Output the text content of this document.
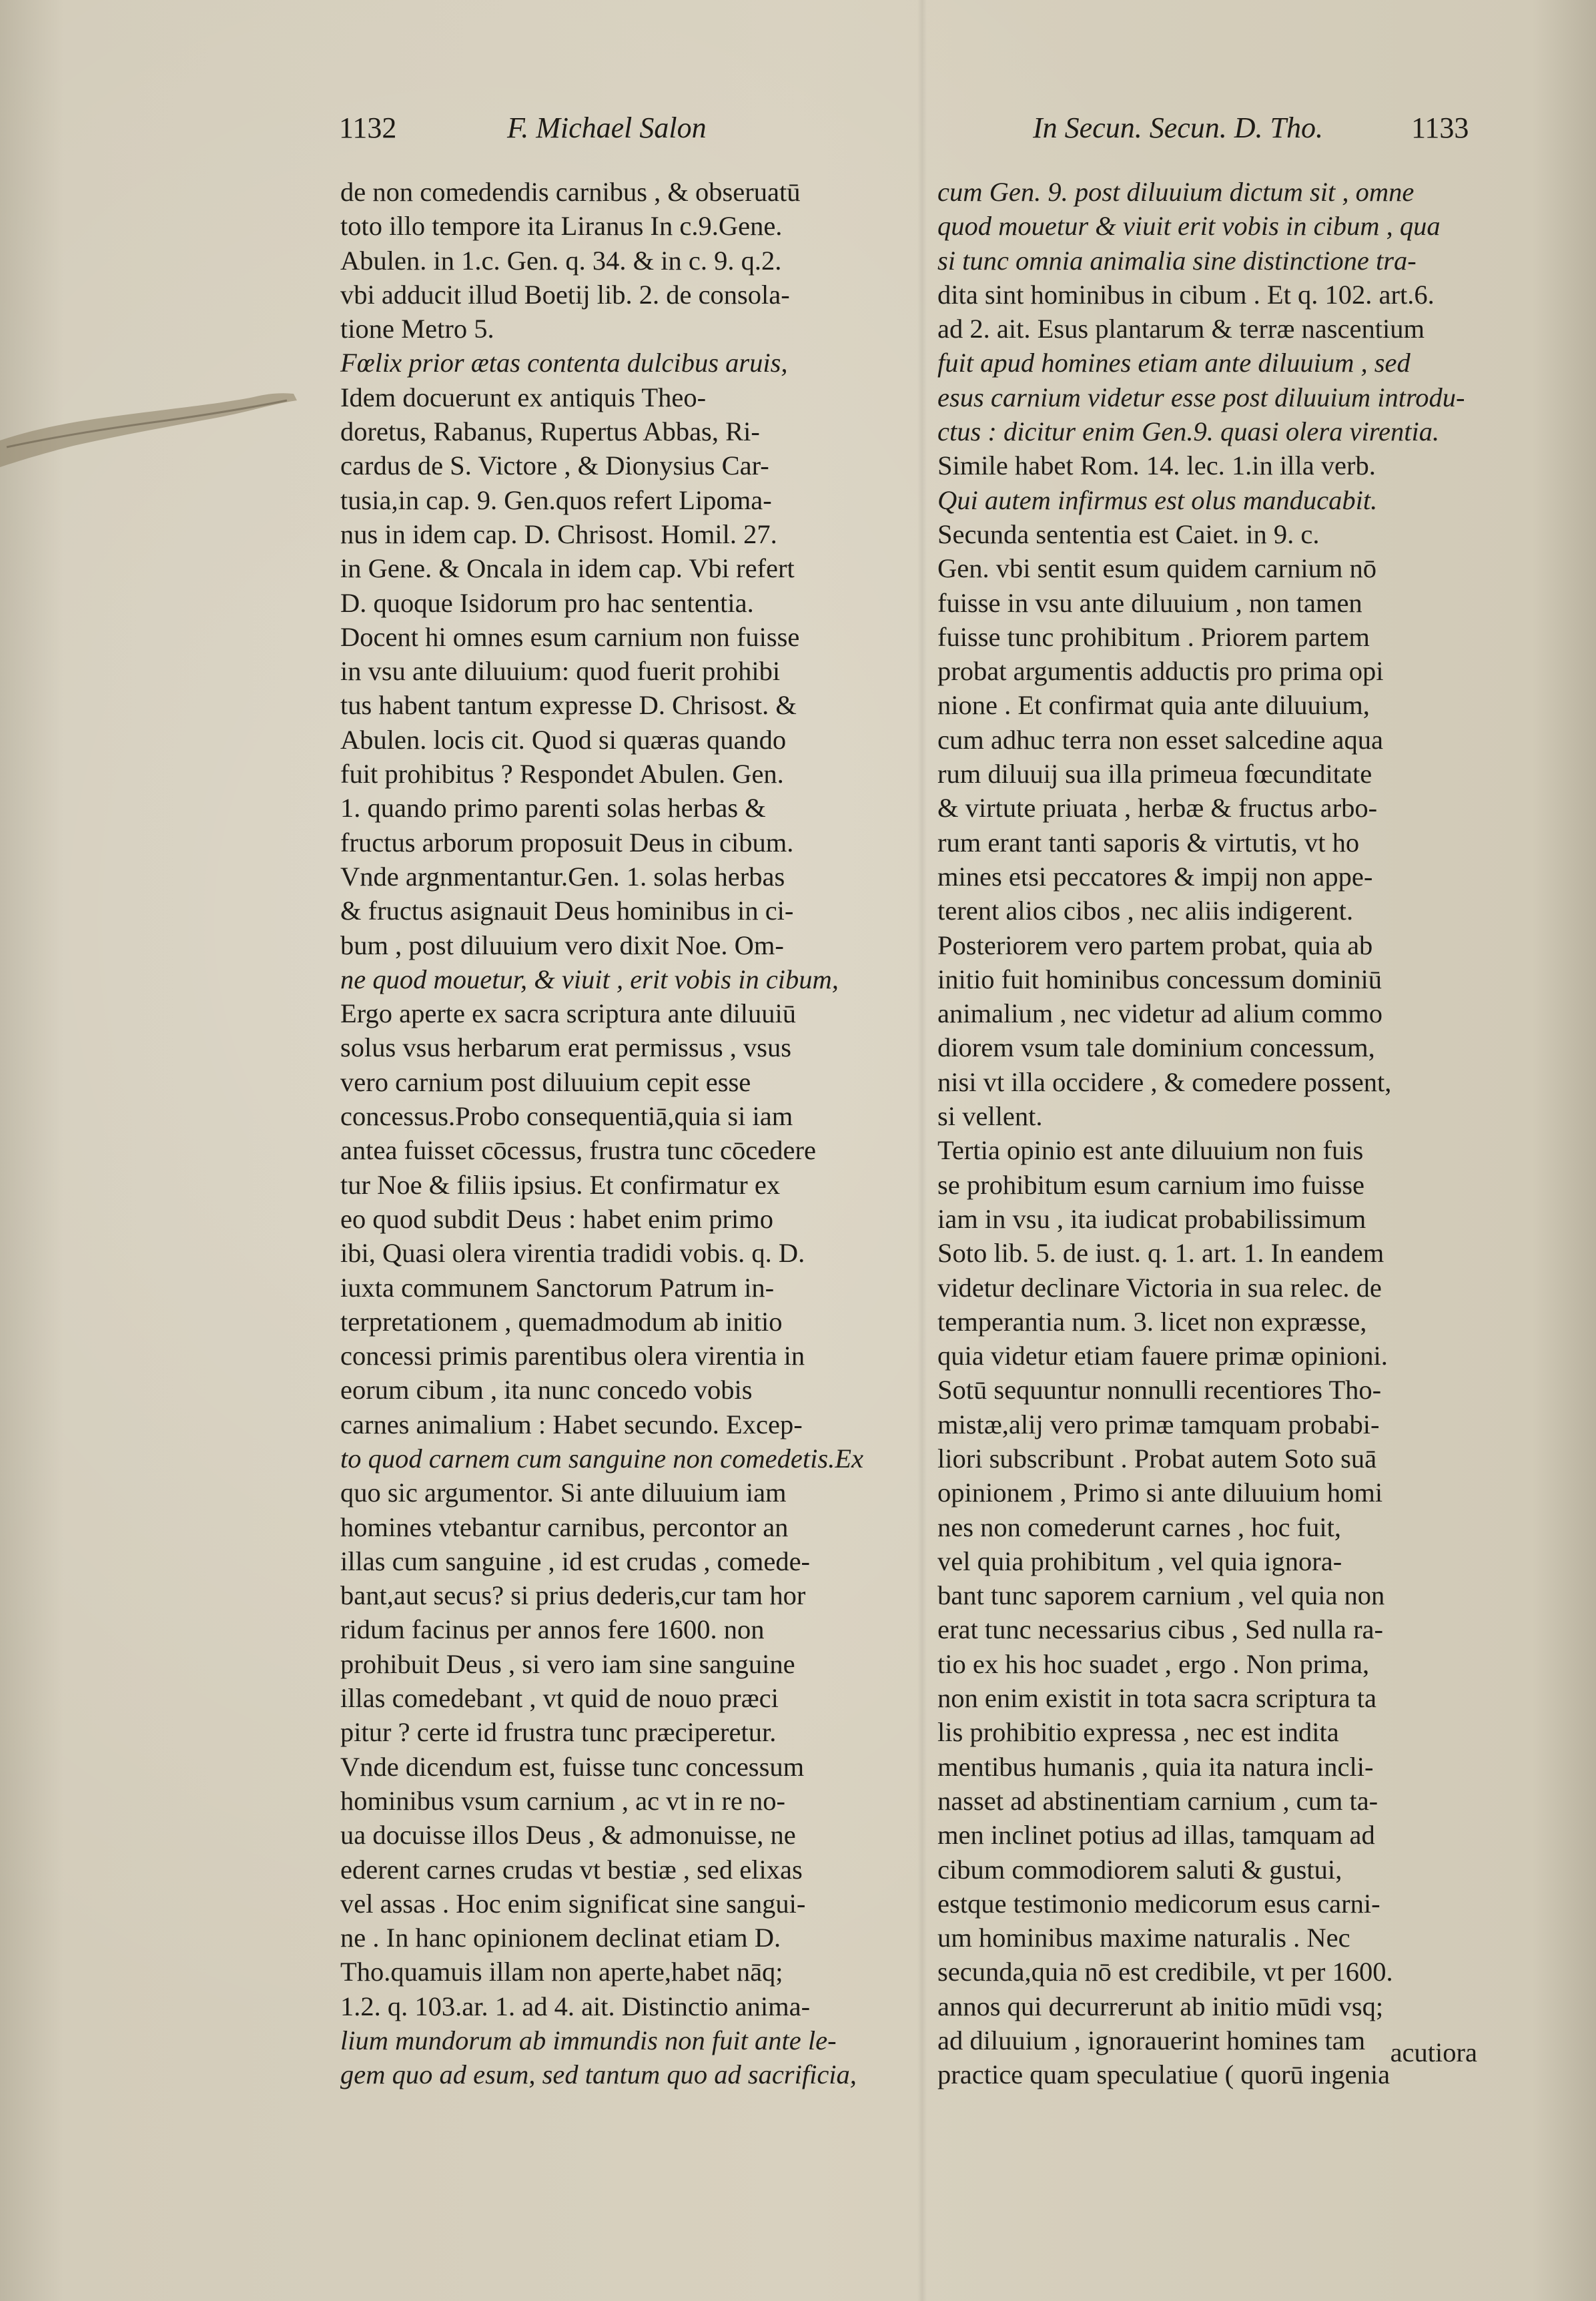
1132	F. Michael Salon	In Secun. Secun. D. Tho.	1133
de non comedendis carnibus , & obseruatū
toto illo tempore ita Liranus In c.9.Gene.
Abulen. in 1.c. Gen. q. 34. & in c. 9. q.2.
vbi adducit illud Boetij lib. 2. de consola-
tione Metro 5.
Fœlix prior ætas contenta dulcibus aruis,
Idem docuerunt ex antiquis Theo-
doretus, Rabanus, Rupertus Abbas, Ri-
cardus de S. Victore , & Dionysius Car-
tusia,in cap. 9. Gen.quos refert Lipoma-
nus in idem cap. D. Chrisost. Homil. 27.
in Gene. & Oncala in idem cap. Vbi refert
D. quoque Isidorum pro hac sententia.
Docent hi omnes esum carnium non fuisse
in vsu ante diluuium: quod fuerit prohibi
tus habent tantum expresse D. Chrisost. &
Abulen. locis cit. Quod si quæras quando
fuit prohibitus ? Respondet Abulen. Gen.
1. quando primo parenti solas herbas &
fructus arborum proposuit Deus in cibum.
Vnde argnmentantur.Gen. 1. solas herbas
& fructus asignauit Deus hominibus in ci-
bum , post diluuium vero dixit Noe. Om-
ne quod mouetur, & viuit , erit vobis in cibum,
Ergo aperte ex sacra scriptura ante diluuiū
solus vsus herbarum erat permissus , vsus
vero carnium post diluuium cepit esse
concessus.Probo consequentiā,quia si iam
antea fuisset cōcessus, frustra tunc cōcedere
tur Noe & filiis ipsius. Et confirmatur ex
eo quod subdit Deus : habet enim primo
ibi, Quasi olera virentia tradidi vobis. q. D.
iuxta communem Sanctorum Patrum in-
terpretationem , quemadmodum ab initio
concessi primis parentibus olera virentia in
eorum cibum , ita nunc concedo vobis
carnes animalium : Habet secundo. Excep-
to quod carnem cum sanguine non comedetis.Ex
quo sic argumentor. Si ante diluuium iam
homines vtebantur carnibus, percontor an
illas cum sanguine , id est crudas , comede-
bant,aut secus? si prius dederis,cur tam hor
ridum facinus per annos fere 1600. non
prohibuit Deus , si vero iam sine sanguine
illas comedebant , vt quid de nouo præci
pitur ? certe id frustra tunc præciperetur.
Vnde dicendum est, fuisse tunc concessum
hominibus vsum carnium , ac vt in re no-
ua docuisse illos Deus , & admonuisse, ne
ederent carnes crudas vt bestiæ , sed elixas
vel assas . Hoc enim significat sine sangui-
ne . In hanc opinionem declinat etiam D.
Tho.quamuis illam non aperte,habet nāq;
1.2. q. 103.ar. 1. ad 4. ait. Distinctio anima-
lium mundorum ab immundis non fuit ante le-
gem quo ad esum, sed tantum quo ad sacrificia,
cum Gen. 9. post diluuium dictum sit , omne
quod mouetur & viuit erit vobis in cibum , qua
si tunc omnia animalia sine distinctione tra-
dita sint hominibus in cibum . Et q. 102. art.6.
ad 2. ait. Esus plantarum & terræ nascentium
fuit apud homines etiam ante diluuium , sed
esus carnium videtur esse post diluuium introdu-
ctus : dicitur enim Gen.9. quasi olera virentia.
Simile habet Rom. 14. lec. 1.in illa verb.
Qui autem infirmus est olus manducabit.
Secunda sententia est Caiet. in 9. c.
Gen. vbi sentit esum quidem carnium nō
fuisse in vsu ante diluuium , non tamen
fuisse tunc prohibitum . Priorem partem
probat argumentis adductis pro prima opi
nione . Et confirmat quia ante diluuium,
cum adhuc terra non esset salcedine aqua
rum diluuij sua illa primeua fœcunditate
& virtute priuata , herbæ & fructus arbo-
rum erant tanti saporis & virtutis, vt ho
mines etsi peccatores & impij non appe-
terent alios cibos , nec aliis indigerent.
Posteriorem vero partem probat, quia ab
initio fuit hominibus concessum dominiū
animalium , nec videtur ad alium commo
diorem vsum tale dominium concessum,
nisi vt illa occidere , & comedere possent,
si vellent.
Tertia opinio est ante diluuium non fuis
se prohibitum esum carnium imo fuisse
iam in vsu , ita iudicat probabilissimum
Soto lib. 5. de iust. q. 1. art. 1. In eandem
videtur declinare Victoria in sua relec. de
temperantia num. 3. licet non expræsse,
quia videtur etiam fauere primæ opinioni.
Sotū sequuntur nonnulli recentiores Tho-
mistæ,alij vero primæ tamquam probabi-
liori subscribunt . Probat autem Soto suā
opinionem , Primo si ante diluuium homi
nes non comederunt carnes , hoc fuit,
vel quia prohibitum , vel quia ignora-
bant tunc saporem carnium , vel quia non
erat tunc necessarius cibus , Sed nulla ra-
tio ex his hoc suadet , ergo . Non prima,
non enim existit in tota sacra scriptura ta
lis prohibitio expressa , nec est indita
mentibus humanis , quia ita natura incli-
nasset ad abstinentiam carnium , cum ta-
men inclinet potius ad illas, tamquam ad
cibum commodiorem saluti & gustui,
estque testimonio medicorum esus carni-
um hominibus maxime naturalis . Nec
secunda,quia nō est credibile, vt per 1600.
annos qui decurrerunt ab initio mūdi vsq;
ad diluuium , ignorauerint homines tam
practice quam speculatiue ( quorū ingenia
acutiora
